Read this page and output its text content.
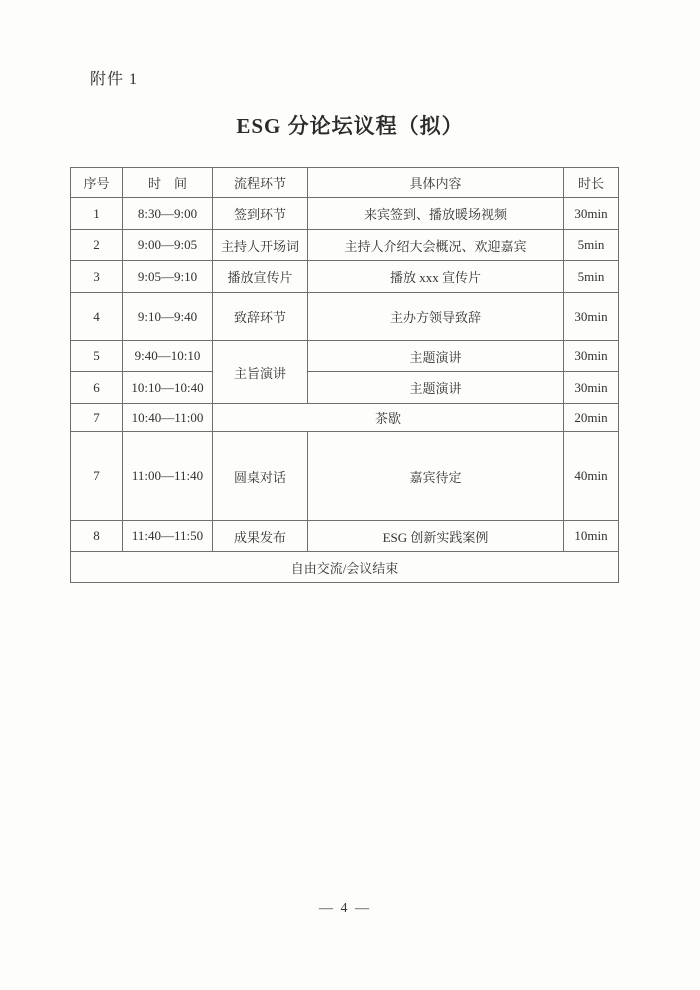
附件 1
ESG 分论坛议程（拟）
序号	时　间	流程环节	具体内容	时长
1	8:30—9:00	签到环节	来宾签到、播放暖场视频	30min
2	9:00—9:05	主持人开场词	主持人介绍大会概况、欢迎嘉宾	5min
3	9:05—9:10	播放宣传片	播放 xxx 宣传片	5min
4	9:10—9:40	致辞环节	主办方领导致辞	30min
5	9:40—10:10	主旨演讲	主题演讲	30min
6	10:10—10:40		主题演讲	30min
7	10:40—11:00	茶歇		20min
7	11:00—11:40	圆桌对话	嘉宾待定	40min
8	11:40—11:50	成果发布	ESG 创新实践案例	10min
自由交流/会议结束				
— 4 —
